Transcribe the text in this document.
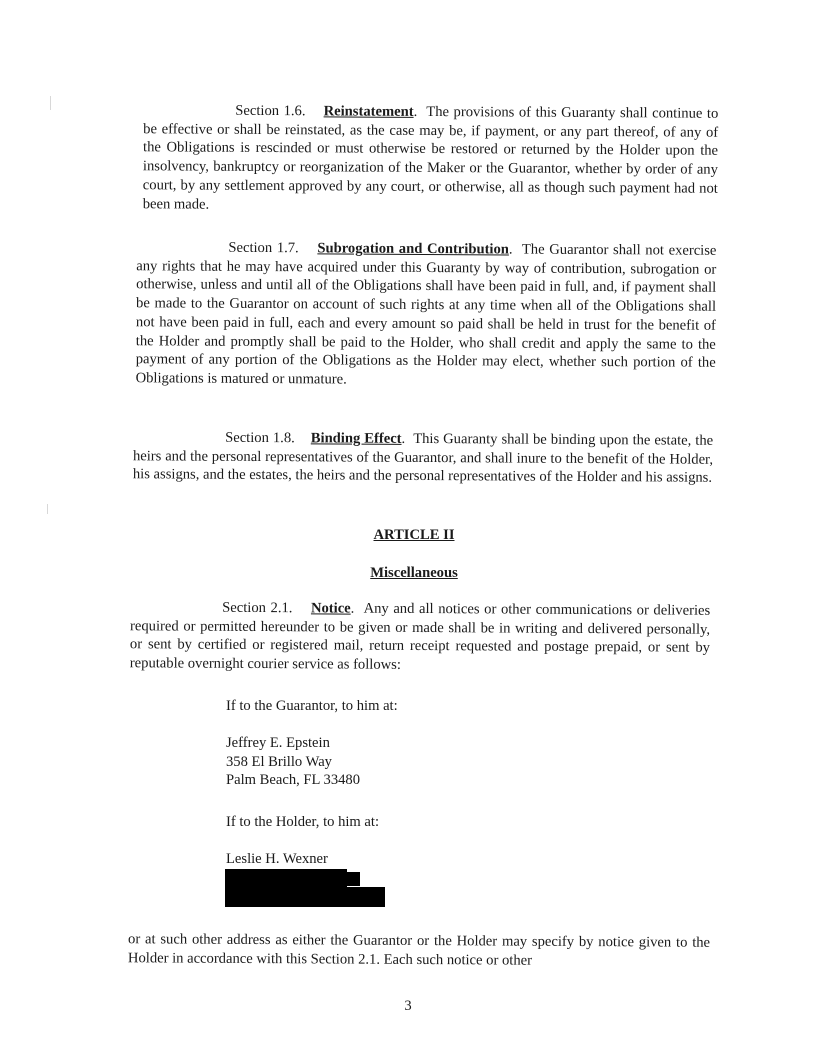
Section 1.6. Reinstatement.  The provisions of this Guaranty shall continue to be effective or shall be reinstated, as the case may be, if payment, or any part thereof, of any of the Obligations is rescinded or must otherwise be restored or returned by the Holder upon the insolvency, bankruptcy or reorganization of the Maker or the Guarantor, whether by order of any court, by any settlement approved by any court, or otherwise, all as though such payment had not been made.

Section 1.7. Subrogation and Contribution.  The Guarantor shall not exercise any rights that he may have acquired under this Guaranty by way of contribution, subrogation or otherwise, unless and until all of the Obligations shall have been paid in full, and, if payment shall be made to the Guarantor on account of such rights at any time when all of the Obligations shall not have been paid in full, each and every amount so paid shall be held in trust for the benefit of the Holder and promptly shall be paid to the Holder, who shall credit and apply the same to the payment of any portion of the Obligations as the Holder may elect, whether such portion of the Obligations is matured or unmature.

Section 1.8. Binding Effect.  This Guaranty shall be binding upon the estate, the heirs and the personal representatives of the Guarantor, and shall inure to the benefit of the Holder, his assigns, and the estates, the heirs and the personal representatives of the Holder and his assigns.

ARTICLE II
Miscellaneous

Section 2.1. Notice.  Any and all notices or other communications or deliveries required or permitted hereunder to be given or made shall be in writing and delivered personally, or sent by certified or registered mail, return receipt requested and postage prepaid, or sent by reputable overnight courier service as follows:

If to the Guarantor, to him at:
Jeffrey E. Epstein
358 El Brillo Way
Palm Beach, FL 33480
If to the Holder, to him at:
Leslie H. Wexner

or at such other address as either the Guarantor or the Holder may specify by notice given to the Holder in accordance with this Section 2.1. Each such notice or other

3
